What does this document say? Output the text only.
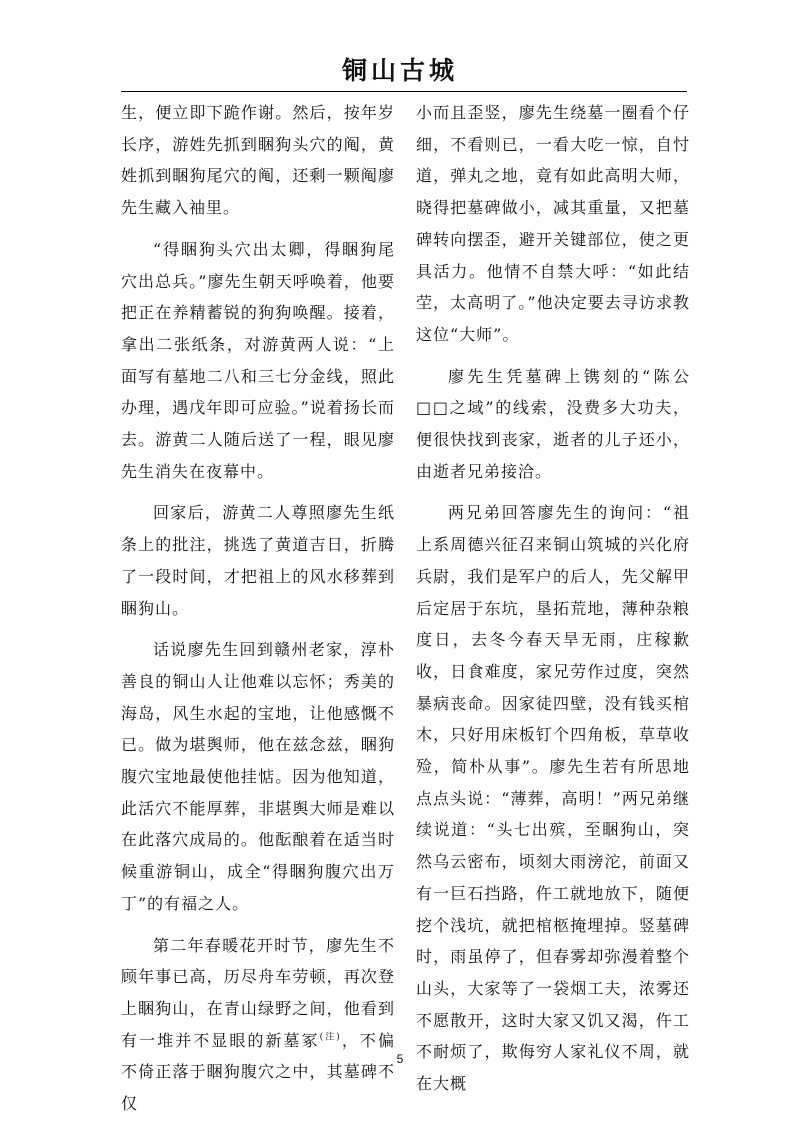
铜山古城

生，便立即下跪作谢。然后，按年岁长序，游姓先抓到睏狗头穴的阄，黄姓抓到睏狗尾穴的阄，还剩一颗阄廖先生藏入袖里。

“得睏狗头穴出太卿，得睏狗尾穴出总兵。”廖先生朝天呼唤着，他要把正在养精蓄锐的狗狗唤醒。接着，拿出二张纸条，对游黄两人说：“上面写有墓地二八和三七分金线，照此办理，遇戊年即可应验。”说着扬长而去。游黄二人随后送了一程，眼见廖先生消失在夜幕中。

回家后，游黄二人尊照廖先生纸条上的批注，挑选了黄道吉日，折腾了一段时间，才把祖上的风水移葬到睏狗山。

话说廖先生回到赣州老家，淳朴善良的铜山人让他难以忘怀；秀美的海岛，风生水起的宝地，让他感慨不已。做为堪舆师，他在兹念兹，睏狗腹穴宝地最使他挂惦。因为他知道，此活穴不能厚葬，非堪舆大师是难以在此落穴成局的。他酝酿着在适当时候重游铜山，成全“得睏狗腹穴出万丁”的有福之人。

第二年春暖花开时节，廖先生不顾年事已高，历尽舟车劳顿，再次登上睏狗山，在青山绿野之间，他看到有一堆并不显眼的新墓冢$^{(注)}$，不偏不倚正落于睏狗腹穴之中，其墓碑不仅

小而且歪竖，廖先生绕墓一圈看个仔细，不看则已，一看大吃一惊，自忖道，弹丸之地，竟有如此高明大师，晓得把墓碑做小，减其重量，又把墓碑转向摆歪，避开关键部位，使之更具活力。他情不自禁大呼：“如此结茔，太高明了。”他决定要去寻访求教这位“大师”。

廖先生凭墓碑上镌刻的“陈公□□之域”的线索，没费多大功夫，便很快找到丧家，逝者的儿子还小，由逝者兄弟接洽。

两兄弟回答廖先生的询问：“祖上系周德兴征召来铜山筑城的兴化府兵尉，我们是军户的后人，先父解甲后定居于东坑，垦拓荒地，薄种杂粮度日，去冬今春天旱无雨，庄稼歉收，日食难度，家兄劳作过度，突然暴病丧命。因家徒四壁，没有钱买棺木，只好用床板钉个四角板，草草收殓，简朴从事”。廖先生若有所思地点点头说：“薄葬，高明！”两兄弟继续说道：“头七出殡，至睏狗山，突然乌云密布，顷刻大雨滂沱，前面又有一巨石挡路，仵工就地放下，随便挖个浅坑，就把棺柩掩埋掉。竖墓碑时，雨虽停了，但春雾却弥漫着整个山头，大家等了一袋烟工夫，浓雾还不愿散开，这时大家又饥又渴，仵工不耐烦了，欺侮穷人家礼仪不周，就在大概

5
